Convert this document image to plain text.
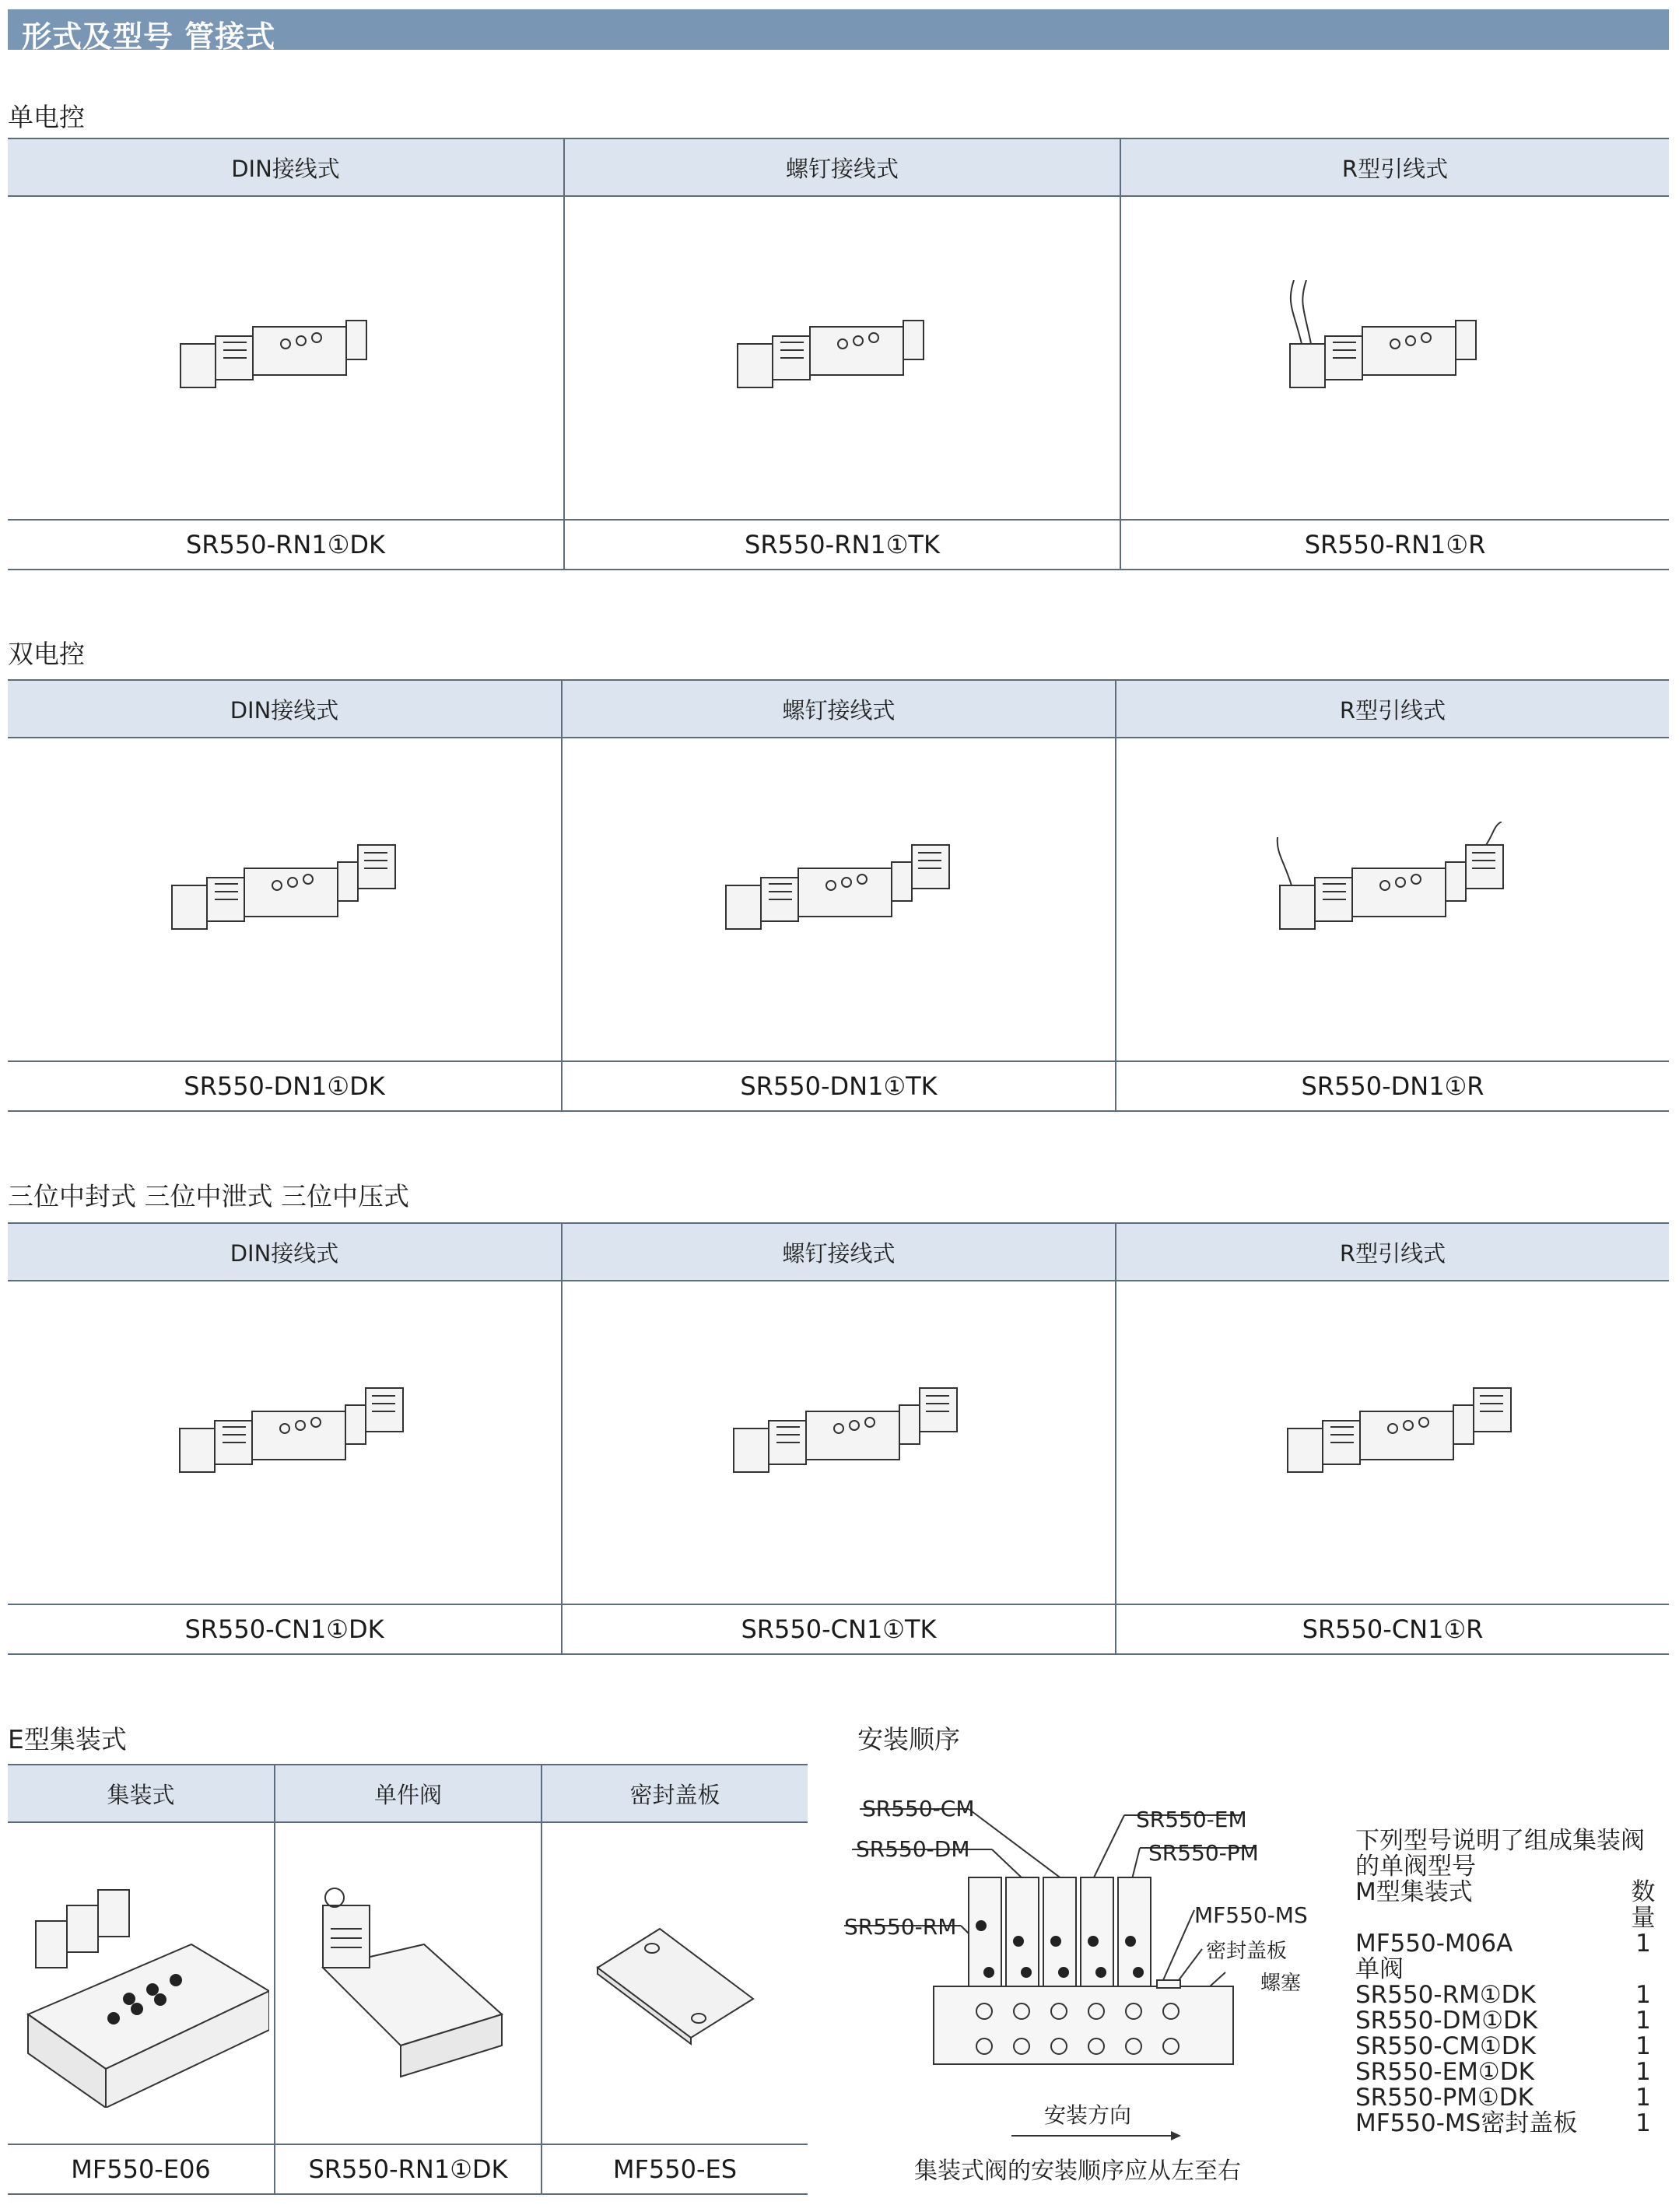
形式及型号 管接式
单电控
DIN接线式	螺钉接线式	R型引线式

SR550-RN1①DK	SR550-RN1①TK	SR550-RN1①R
双电控
DIN接线式	螺钉接线式	R型引线式

SR550-DN1①DK	SR550-DN1①TK	SR550-DN1①R
三位中封式 三位中泄式 三位中压式
DIN接线式	螺钉接线式	R型引线式

SR550-CN1①DK	SR550-CN1①TK	SR550-CN1①R
E型集装式
集装式	单件阀	密封盖板

MF550-E06	SR550-RN1①DK	MF550-ES
安装顺序
SR550-CM
SR550-DM
SR550-EM
SR550-PM
SR550-RM	MF550-MS
密封盖板
螺塞
安装方向
集装式阀的安装顺序应从左至右
下列型号说明了组成集装阀的单阀型号
M型集装式	数量
MF550-M06A	1
单阀
SR550-RM①DK	1
SR550-DM①DK	1
SR550-CM①DK	1
SR550-EM①DK	1
SR550-PM①DK	1
MF550-MS密封盖板	1
